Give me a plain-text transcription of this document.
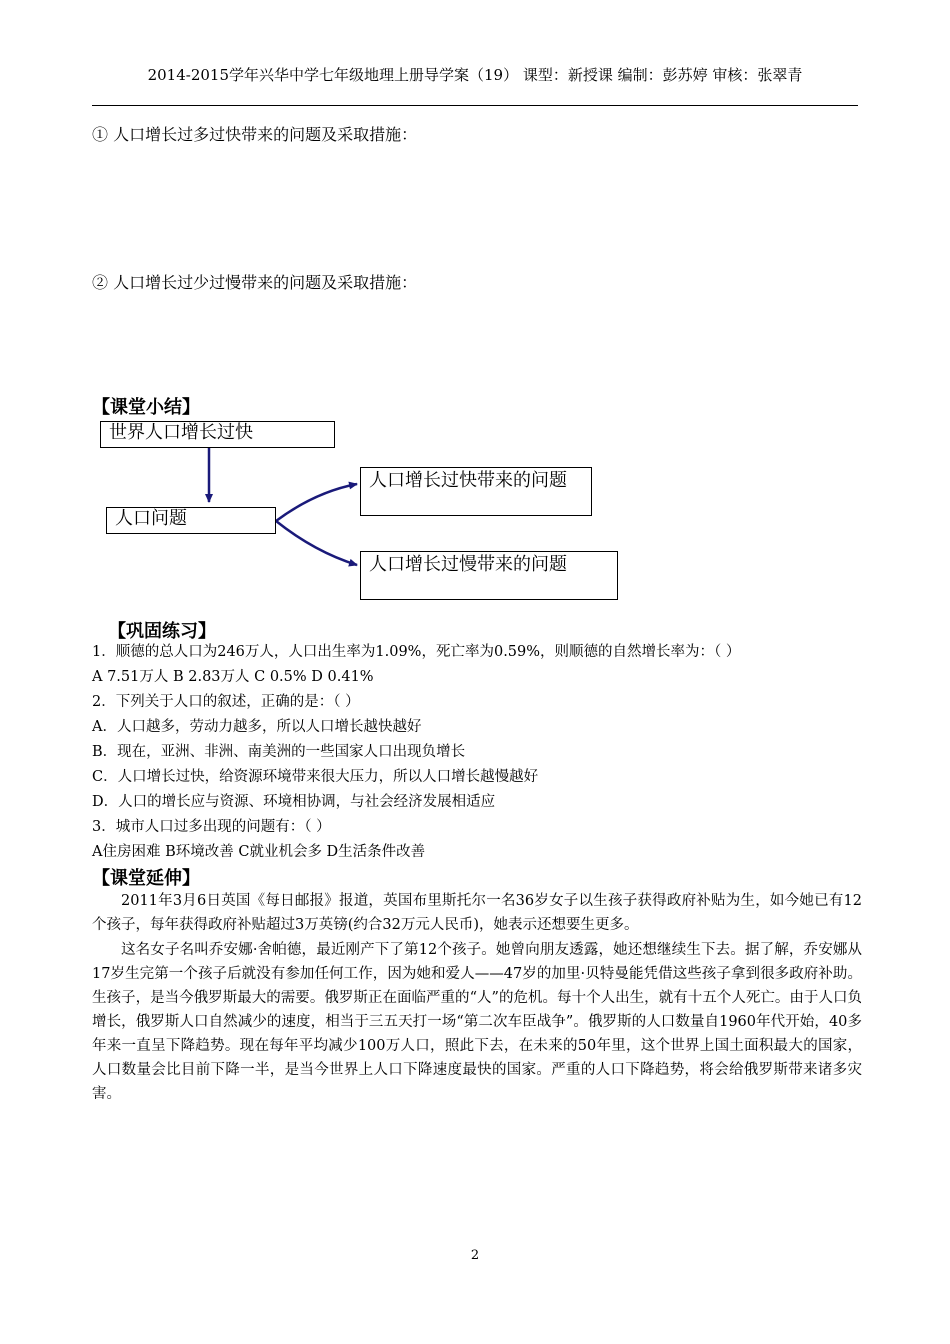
2014-2015学年兴华中学七年级地理上册导学案（19） 课型：新授课 编制：彭苏婷 审核：张翠青
① 人口增长过多过快带来的问题及采取措施：
② 人口增长过少过慢带来的问题及采取措施：
【课堂小结】
世界人口增长过快
人口问题
人口增长过快带来的问题
人口增长过慢带来的问题
【巩固练习】
1．顺德的总人口为246万人，人口出生率为1.09%，死亡率为0.59%，则顺德的自然增长率为：（ ）
A 7.51万人 B 2.83万人 C 0.5% D 0.41%
2．下列关于人口的叙述，正确的是：（ ）
A．人口越多，劳动力越多，所以人口增长越快越好
B．现在，亚洲、非洲、南美洲的一些国家人口出现负增长
C．人口增长过快，给资源环境带来很大压力，所以人口增长越慢越好
D．人口的增长应与资源、环境相协调，与社会经济发展相适应
3．城市人口过多出现的问题有：（ ）
A住房困难 B环境改善 C就业机会多 D生活条件改善
【课堂延伸】
2011年3月6日英国《每日邮报》报道，英国布里斯托尔一名36岁女子以生孩子获得政府补贴为生，如今她已有12个孩子，每年获得政府补贴超过3万英镑(约合32万元人民币)，她表示还想要生更多。
这名女子名叫乔安娜·舍帕德，最近刚产下了第12个孩子。她曾向朋友透露，她还想继续生下去。据了解，乔安娜从17岁生完第一个孩子后就没有参加任何工作，因为她和爱人——47岁的加里·贝特曼能凭借这些孩子拿到很多政府补助。生孩子，是当今俄罗斯最大的需要。俄罗斯正在面临严重的“人”的危机。每十个人出生，就有十五个人死亡。由于人口负增长，俄罗斯人口自然减少的速度，相当于三五天打一场“第二次车臣战争”。俄罗斯的人口数量自1960年代开始，40多年来一直呈下降趋势。现在每年平均减少100万人口，照此下去，在未来的50年里，这个世界上国土面积最大的国家，人口数量会比目前下降一半，是当今世界上人口下降速度最快的国家。严重的人口下降趋势，将会给俄罗斯带来诸多灾害。
2
